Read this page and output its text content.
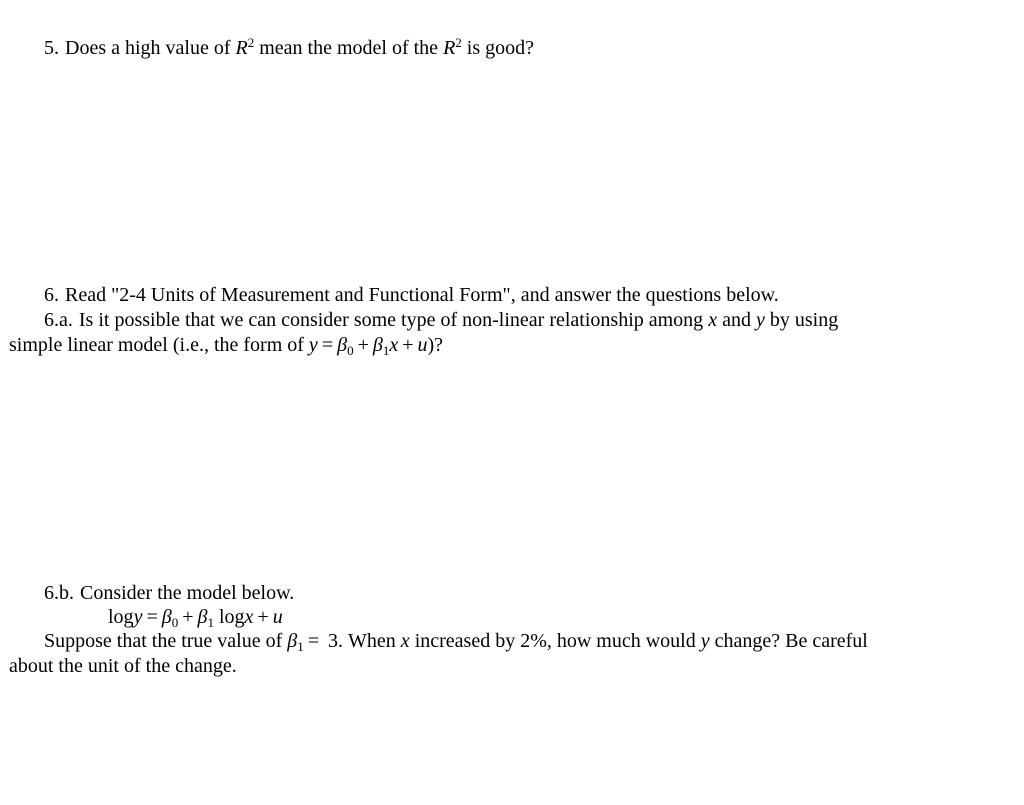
5. Does a high value of $R^2$ mean the model of the $R^2$ is good?
6. Read "2-4 Units of Measurement and Functional Form", and answer the questions below.
6.a. Is it possible that we can consider some type of non-linear relationship among x and y by using
simple linear model (i.e., the form of $y = \beta_0 + \beta_1x + u$)?
6.b. Consider the model below.
$\log y = \beta_0 + \beta_1$ logx + u
Suppose that the true value of $\beta_1 = 3$. When x increased by 2%, how much would y change? Be careful
about the unit of the change.
